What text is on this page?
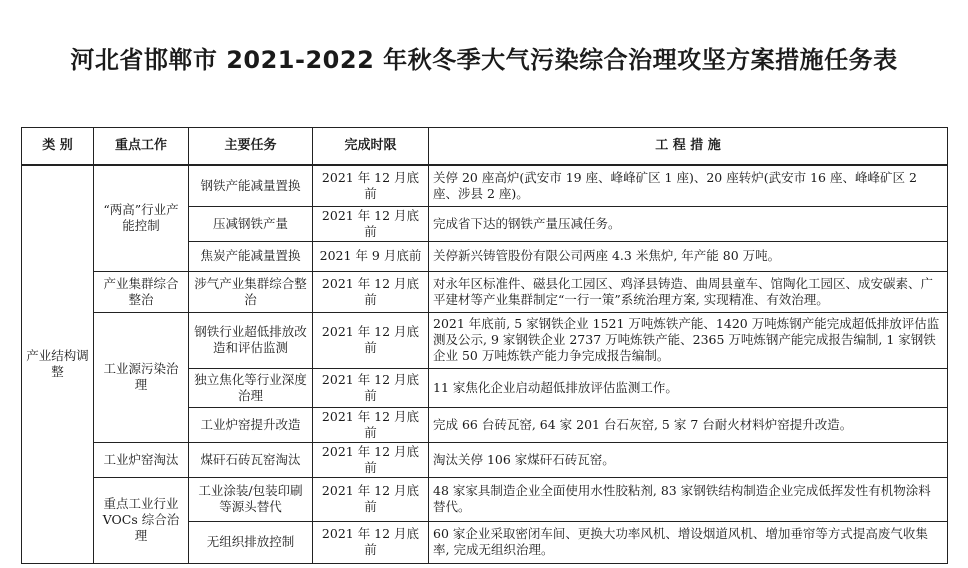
河北省邯郸市 2021-2022 年秋冬季大气污染综合治理攻坚方案措施任务表
类 别	重点工作	主要任务	完成时限	工 程 措 施
产业结构调整	“两高”行业产能控制	钢铁产能减量置换	2021 年 12 月底前	关停 20 座高炉(武安市 19 座、峰峰矿区 1 座)、20 座转炉(武安市 16 座、峰峰矿区 2 座、涉县 2 座)。
		压减钢铁产量	2021 年 12 月底前	完成省下达的钢铁产量压减任务。
		焦炭产能减量置换	2021 年 9 月底前	关停新兴铸管股份有限公司两座 4.3 米焦炉, 年产能 80 万吨。
	产业集群综合整治	涉气产业集群综合整治	2021 年 12 月底前	对永年区标准件、磁县化工园区、鸡泽县铸造、曲周县童车、馆陶化工园区、成安碳素、广平建材等产业集群制定“一行一策”系统治理方案, 实现精准、有效治理。
	工业源污染治理	钢铁行业超低排放改造和评估监测	2021 年 12 月底前	2021 年底前, 5 家钢铁企业 1521 万吨炼铁产能、1420 万吨炼钢产能完成超低排放评估监测及公示, 9 家钢铁企业 2737 万吨炼铁产能、2365 万吨炼钢产能完成报告编制, 1 家钢铁企业 50 万吨炼铁产能力争完成报告编制。
		独立焦化等行业深度治理	2021 年 12 月底前	11 家焦化企业启动超低排放评估监测工作。
		工业炉窑提升改造	2021 年 12 月底前	完成 66 台砖瓦窑, 64 家 201 台石灰窑, 5 家 7 台耐火材料炉窑提升改造。
	工业炉窑淘汰	煤矸石砖瓦窑淘汰	2021 年 12 月底前	淘汰关停 106 家煤矸石砖瓦窑。
	重点工业行业VOCs 综合治理	工业涂装/包装印刷等源头替代	2021 年 12 月底前	48 家家具制造企业全面使用水性胶粘剂, 83 家钢铁结构制造企业完成低挥发性有机物涂料替代。
		无组织排放控制	2021 年 12 月底前	60 家企业采取密闭车间、更换大功率风机、增设烟道风机、增加垂帘等方式提高废气收集率, 完成无组织治理。
